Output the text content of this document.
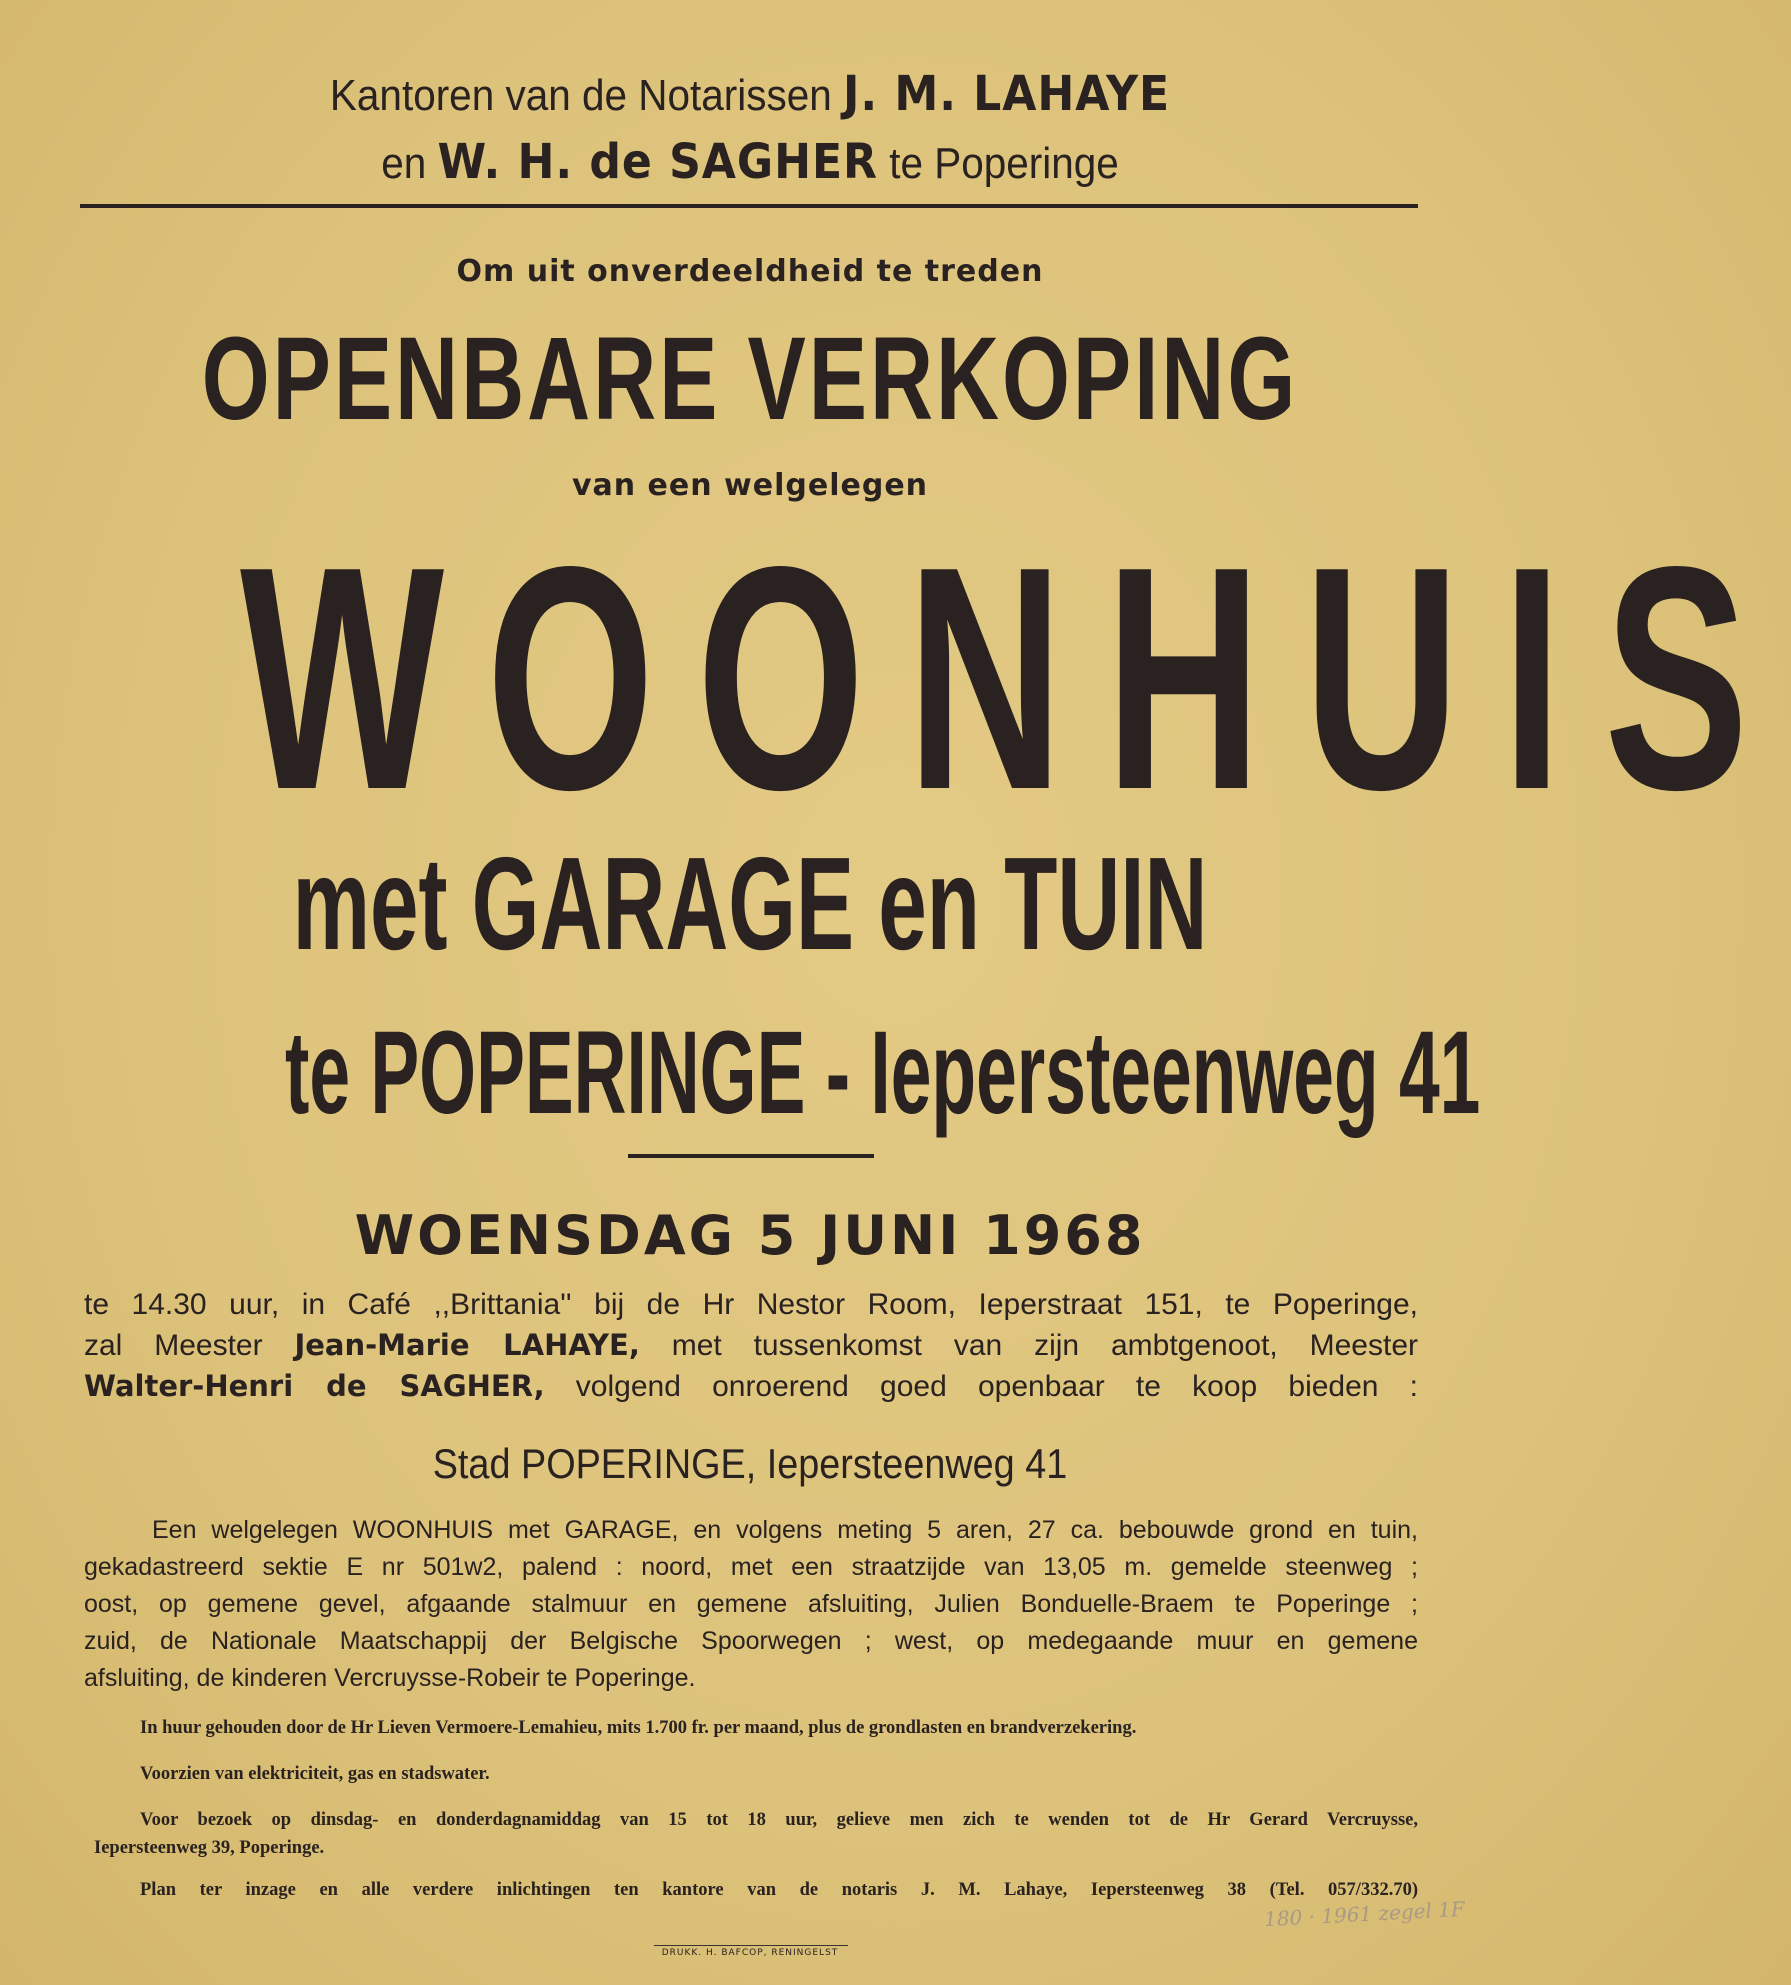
Kantoren van de Notarissen J. M. LAHAYE
en W. H. de SAGHER te Poperinge
Om uit onverdeeldheid te treden
OPENBARE VERKOPING
van een welgelegen
WOONHUIS
met GARAGE en TUIN
te POPERINGE - Iepersteenweg 41
WOENSDAG 5 JUNI 1968
te 14.30 uur, in Café ,,Brittania'' bij de Hr Nestor Room, Ieperstraat 151, te Poperinge,
zal Meester Jean-Marie LAHAYE, met tussenkomst van zijn ambtgenoot, Meester
Walter-Henri de SAGHER, volgend onroerend goed openbaar te koop bieden :
Stad POPERINGE, Iepersteenweg 41
Een welgelegen WOONHUIS met GARAGE, en volgens meting 5 aren, 27 ca. bebouwde grond en tuin,
gekadastreerd sektie E nr 501w2, palend : noord, met een straatzijde van 13,05 m. gemelde steenweg ;
oost, op gemene gevel, afgaande stalmuur en gemene afsluiting, Julien Bonduelle-Braem te Poperinge ;
zuid, de Nationale Maatschappij der Belgische Spoorwegen ; west, op medegaande muur en gemene
afsluiting, de kinderen Vercruysse-Robeir te Poperinge.
In huur gehouden door de Hr Lieven Vermoere-Lemahieu, mits 1.700 fr. per maand, plus de grondlasten en brandverzekering.
Voorzien van elektriciteit, gas en stadswater.
Voor bezoek op dinsdag- en donderdagnamiddag van 15 tot 18 uur, gelieve men zich te wenden tot de Hr Gerard Vercruysse,
Iepersteenweg 39, Poperinge.
Plan ter inzage en alle verdere inlichtingen ten kantore van de notaris J. M. Lahaye, Iepersteenweg 38 (Tel. 057/332.70)
DRUKK. H. BAFCOP, RENINGELST
180 · 1961 zegel 1F
